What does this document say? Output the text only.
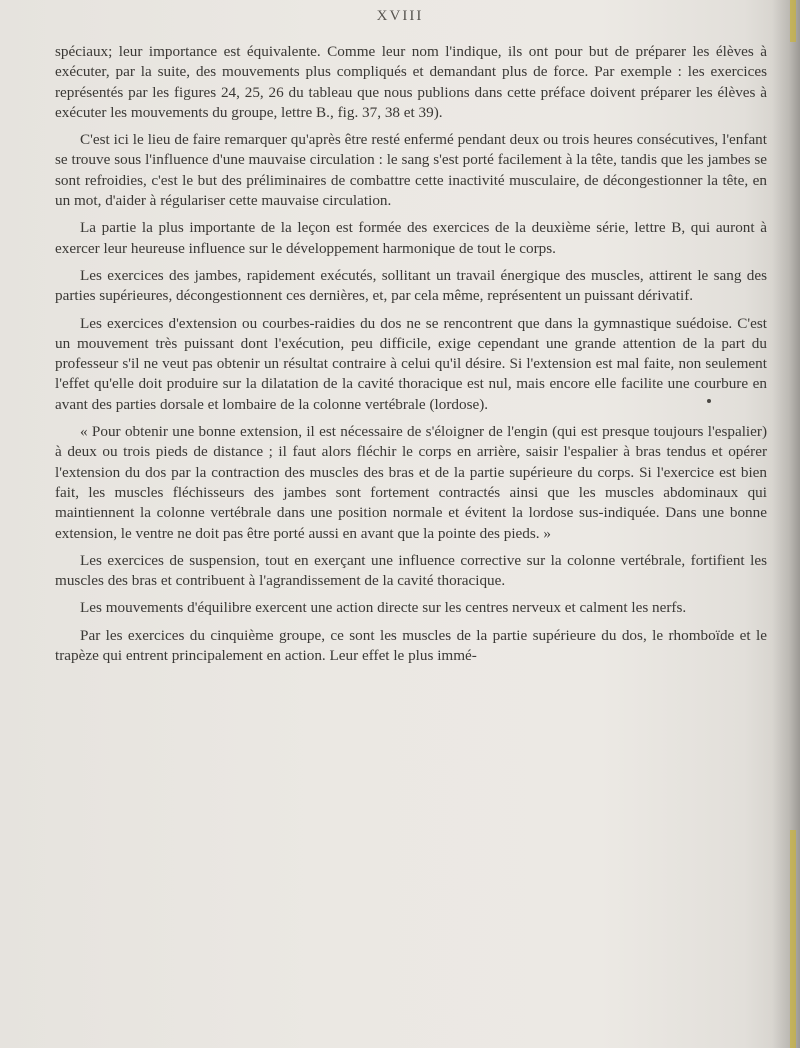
XVIII

spéciaux; leur importance est équivalente. Comme leur nom l'indique, ils ont pour but de préparer les élèves à exécuter, par la suite, des mouvements plus compliqués et demandant plus de force. Par exemple : les exercices représentés par les figures 24, 25, 26 du tableau que nous publions dans cette préface doivent préparer les élèves à exécuter les mouvements du groupe, lettre B., fig. 37, 38 et 39).

C'est ici le lieu de faire remarquer qu'après être resté enfermé pendant deux ou trois heures consécutives, l'enfant se trouve sous l'influence d'une mauvaise circulation : le sang s'est porté facilement à la tête, tandis que les jambes se sont refroidies, c'est le but des préliminaires de combattre cette inactivité musculaire, de décongestionner la tête, en un mot, d'aider à régulariser cette mauvaise circulation.

La partie la plus importante de la leçon est formée des exercices de la deuxième série, lettre B, qui auront à exercer leur heureuse influence sur le développement harmonique de tout le corps.

Les exercices des jambes, rapidement exécutés, sollitant un travail énergique des muscles, attirent le sang des parties supérieures, décongestionnent ces dernières, et, par cela même, représentent un puissant dérivatif.

Les exercices d'extension ou courbes-raidies du dos ne se rencontrent que dans la gymnastique suédoise. C'est un mouvement très puissant dont l'exécution, peu difficile, exige cependant une grande attention de la part du professeur s'il ne veut pas obtenir un résultat contraire à celui qu'il désire. Si l'extension est mal faite, non seulement l'effet qu'elle doit produire sur la dilatation de la cavité thoracique est nul, mais encore elle facilite une courbure en avant des parties dorsale et lombaire de la colonne vertébrale (lordose).

« Pour obtenir une bonne extension, il est nécessaire de s'éloigner de l'engin (qui est presque toujours l'espalier) à deux ou trois pieds de distance ; il faut alors fléchir le corps en arrière, saisir l'espalier à bras tendus et opérer l'extension du dos par la contraction des muscles des bras et de la partie supérieure du corps. Si l'exercice est bien fait, les muscles fléchisseurs des jambes sont fortement contractés ainsi que les muscles abdominaux qui maintiennent la colonne vertébrale dans une position normale et évitent la lordose sus-indiquée. Dans une bonne extension, le ventre ne doit pas être porté aussi en avant que la pointe des pieds. »

Les exercices de suspension, tout en exerçant une influence corrective sur la colonne vertébrale, fortifient les muscles des bras et contribuent à l'agrandissement de la cavité thoracique.

Les mouvements d'équilibre exercent une action directe sur les centres nerveux et calment les nerfs.

Par les exercices du cinquième groupe, ce sont les muscles de la partie supérieure du dos, le rhomboïde et le trapèze qui entrent principalement en action. Leur effet le plus immé-
